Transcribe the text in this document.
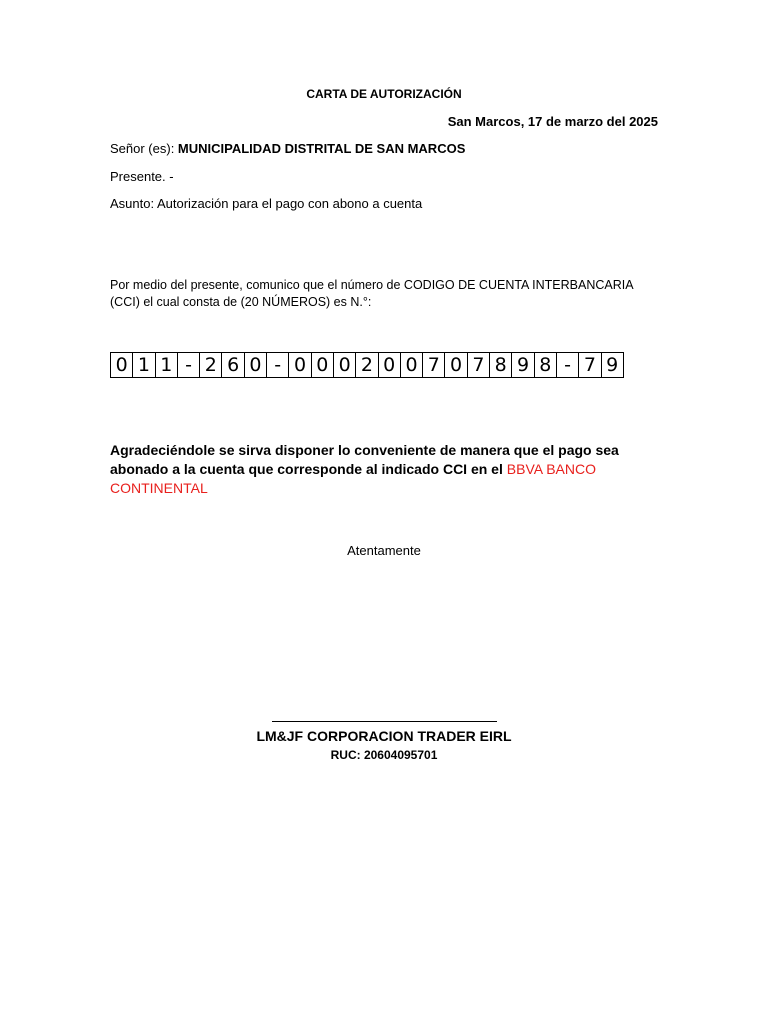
CARTA DE AUTORIZACIÓN
San Marcos, 17 de marzo del 2025
Señor (es): MUNICIPALIDAD DISTRITAL DE SAN MARCOS
Presente. -
Asunto: Autorización para el pago con abono a cuenta
Por medio del presente, comunico que el número de CODIGO DE CUENTA INTERBANCARIA (CCI) el cual consta de (20 NÚMEROS) es N.°:
0 1 1 - 2 6 0 - 0 0 0 2 0 0 7 0 7 8 9 8 - 7 9
Agradeciéndole se sirva disponer lo conveniente de manera que el pago sea abonado a la cuenta que corresponde al indicado CCI en el BBVA BANCO CONTINENTAL
Atentamente
LM&JF CORPORACION TRADER EIRL
RUC: 20604095701
